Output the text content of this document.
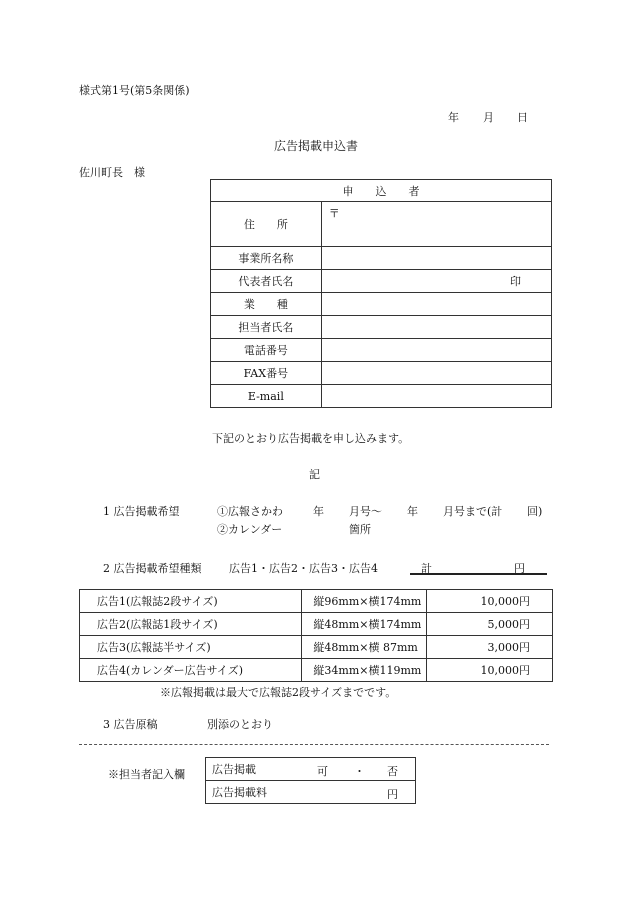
様式第1号(第5条関係)
年 月 日
広告掲載申込書
佐川町長　様
申　　込　　者	
住　　所	〒
事業所名称	
代表者氏名	印
業　　種	
担当者氏名	
電話番号	
FAX番号	
E-mail	
下記のとおり広告掲載を申し込みます。
記
1 広告掲載希望	①広報さかわ	年 月号～ 年 月号まで(計 回)
②カレンダー	箇所
2 広告掲載希望種類	広告1・広告2・広告3・広告4	計	円
広告1(広報誌2段サイズ)	縦96mm×横174mm	10,000円
広告2(広報誌1段サイズ)	縦48mm×横174mm	5,000円
広告3(広報誌半サイズ)	縦48mm×横 87mm	3,000円
広告4(カレンダー広告サイズ)	縦34mm×横119mm	10,000円
※広報掲載は最大で広報誌2段サイズまでです。
3 広告原稿	別添のとおり
※担当者記入欄 広告掲載	可 ・ 否

広告掲載料	円
